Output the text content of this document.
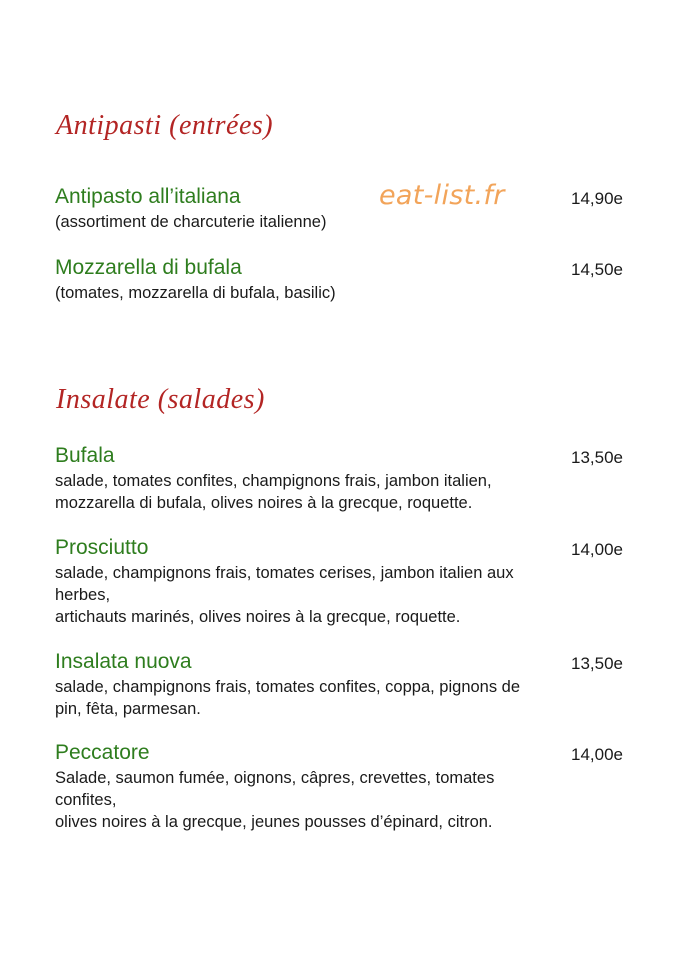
Antipasti (entrées)
eat-list.fr
Antipasto all’italiana	14,90e
(assortiment de charcuterie italienne)
Mozzarella di bufala	14,50e
(tomates, mozzarella di bufala, basilic)
Insalate (salades)
Bufala	13,50e
salade, tomates confites, champignons frais, jambon italien,
mozzarella di bufala, olives noires à la grecque, roquette.
Prosciutto	14,00e
salade, champignons frais, tomates cerises, jambon italien aux
herbes,
artichauts marinés, olives noires à la grecque, roquette.
Insalata nuova	13,50e
salade, champignons frais, tomates confites, coppa, pignons de
pin, fêta, parmesan.
Peccatore	14,00e
Salade, saumon fumée, oignons, câpres, crevettes, tomates
confites,
olives noires à la grecque, jeunes pousses d’épinard, citron.
